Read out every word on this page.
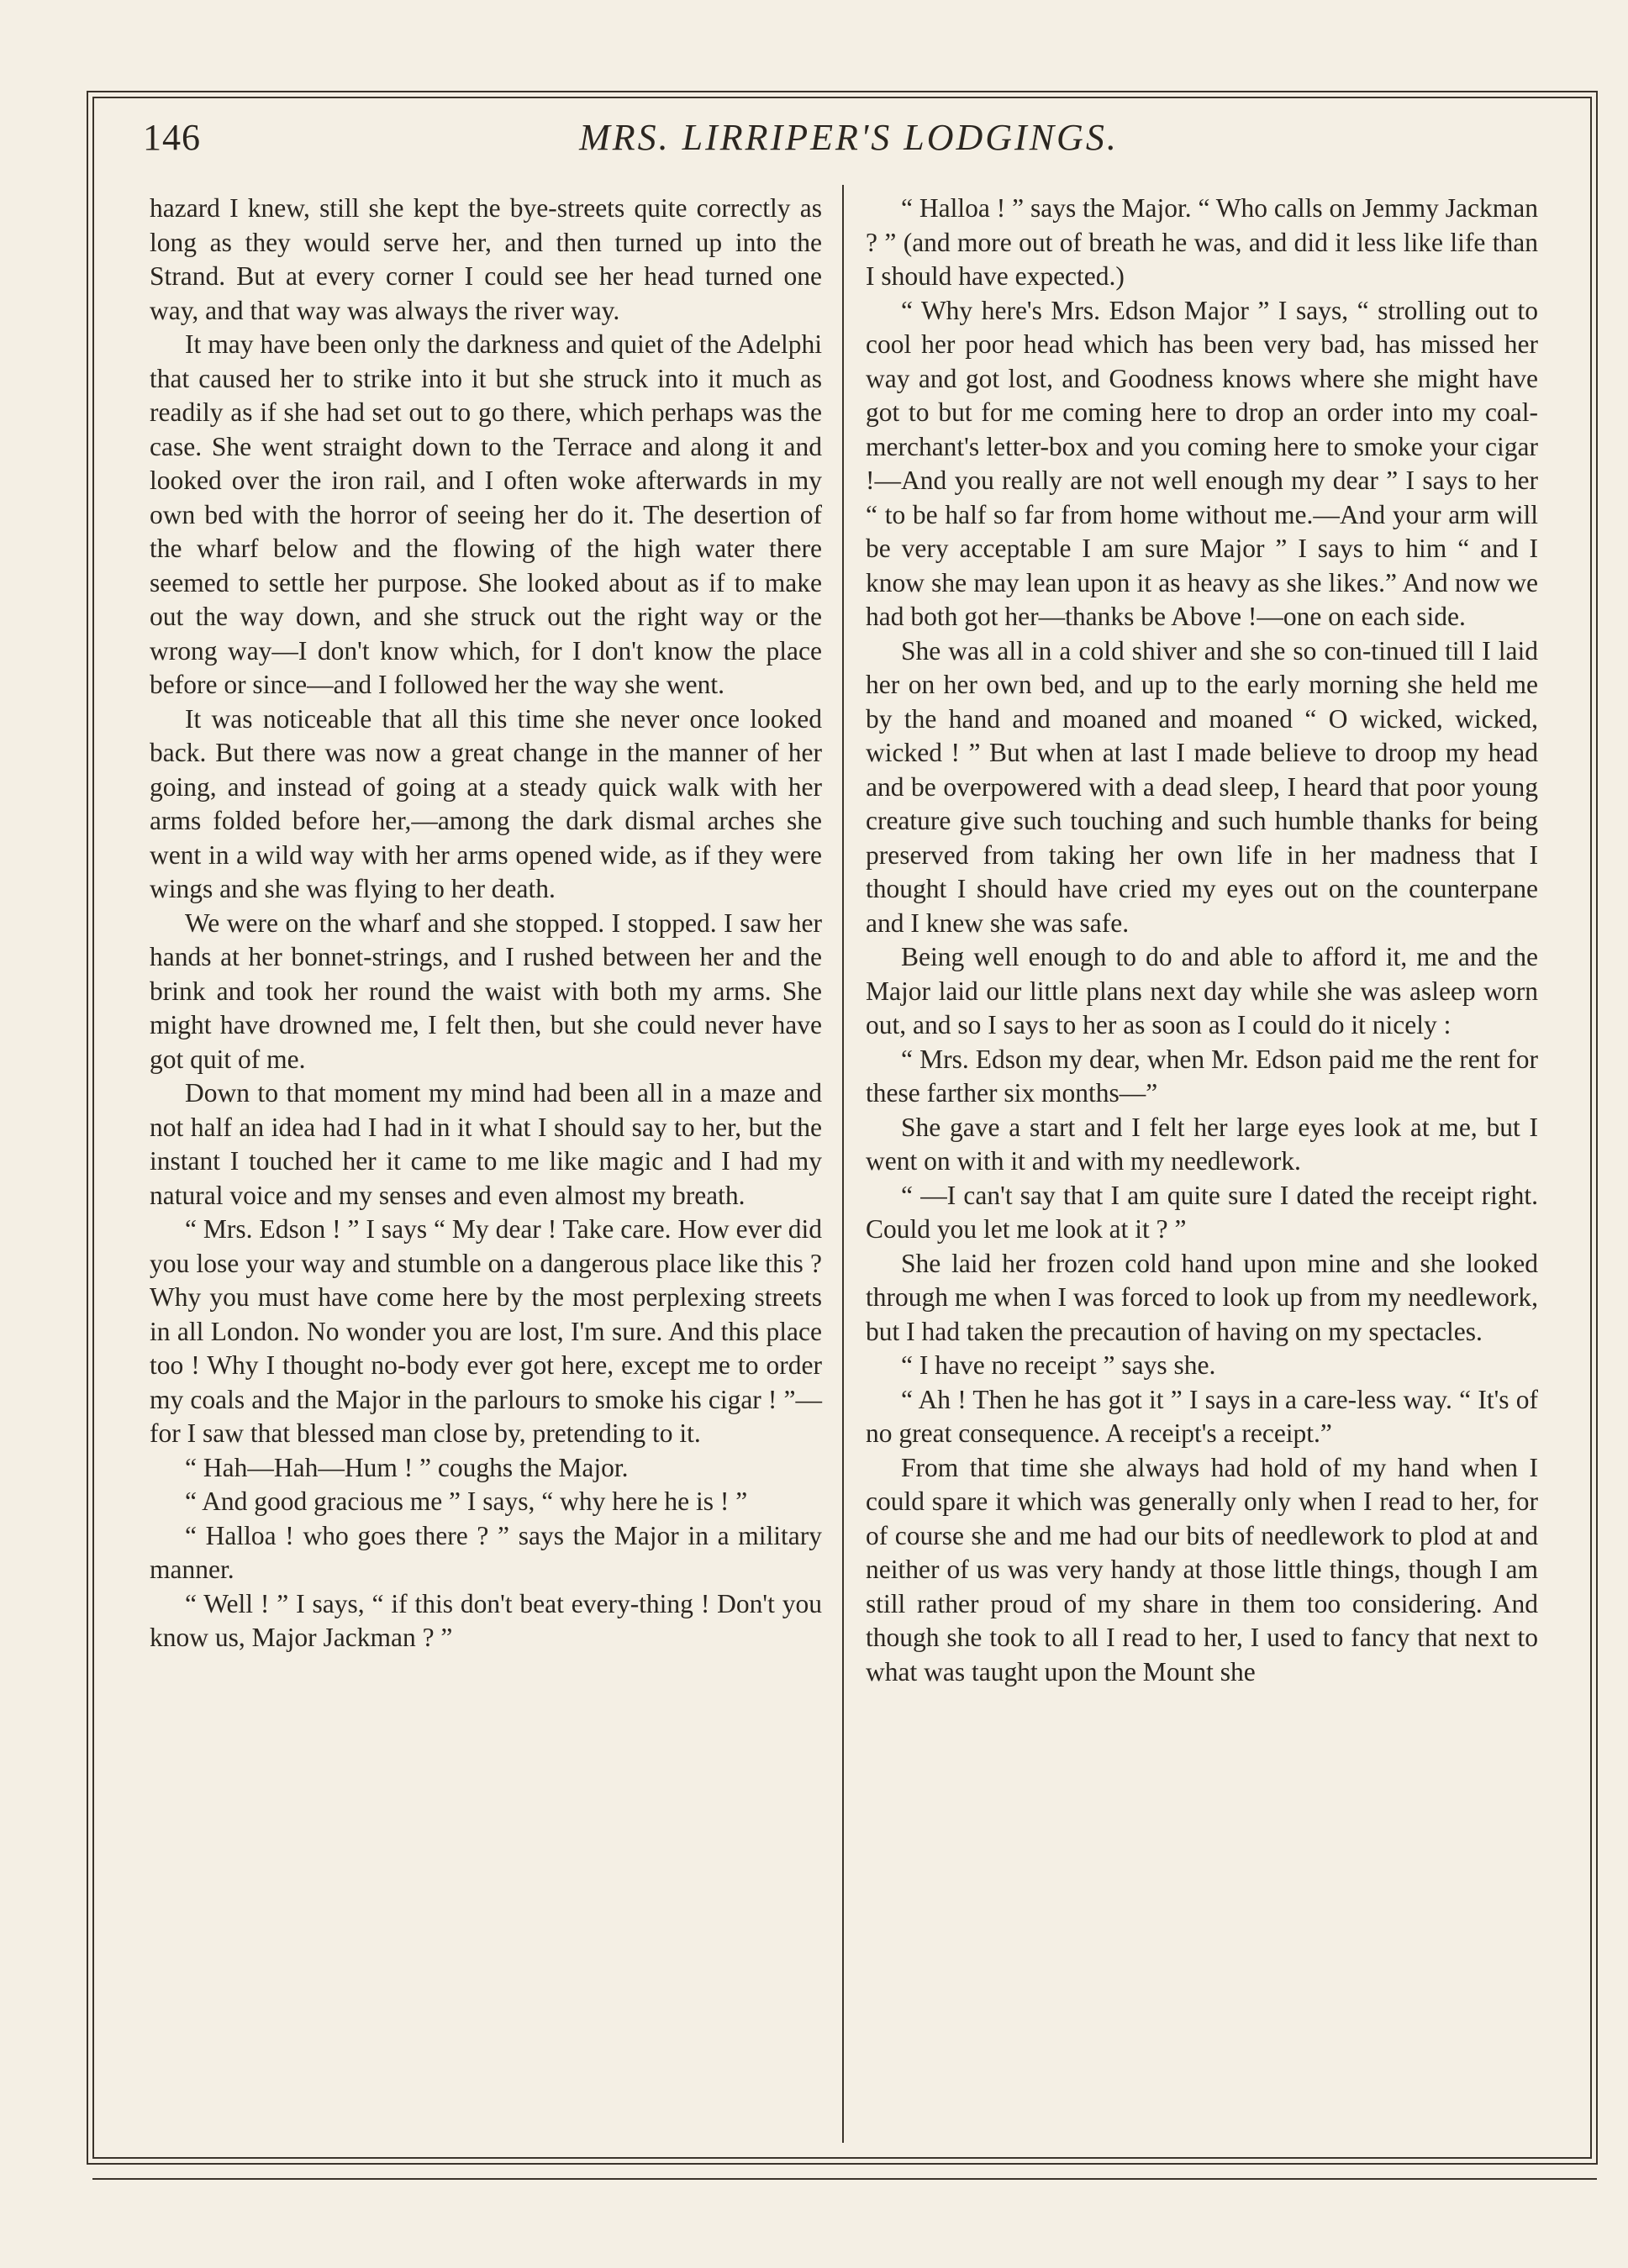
146	MRS. LIRRIPER'S LODGINGS.

hazard I knew, still she kept the bye-streets quite correctly as long as they would serve her, and then turned up into the Strand. But at every corner I could see her head turned one way, and that way was always the river way.

It may have been only the darkness and quiet of the Adelphi that caused her to strike into it but she struck into it much as readily as if she had set out to go there, which perhaps was the case. She went straight down to the Terrace and along it and looked over the iron rail, and I often woke afterwards in my own bed with the horror of seeing her do it. The desertion of the wharf below and the flowing of the high water there seemed to settle her purpose. She looked about as if to make out the way down, and she struck out the right way or the wrong way—I don't know which, for I don't know the place before or since—and I followed her the way she went.

It was noticeable that all this time she never once looked back. But there was now a great change in the manner of her going, and instead of going at a steady quick walk with her arms folded before her,—among the dark dismal arches she went in a wild way with her arms opened wide, as if they were wings and she was flying to her death.

We were on the wharf and she stopped. I stopped. I saw her hands at her bonnet-strings, and I rushed between her and the brink and took her round the waist with both my arms. She might have drowned me, I felt then, but she could never have got quit of me.

Down to that moment my mind had been all in a maze and not half an idea had I had in it what I should say to her, but the instant I touched her it came to me like magic and I had my natural voice and my senses and even almost my breath.

“ Mrs. Edson ! ” I says “ My dear ! Take care. How ever did you lose your way and stumble on a dangerous place like this ? Why you must have come here by the most perplexing streets in all London. No wonder you are lost, I'm sure. And this place too ! Why I thought no-body ever got here, except me to order my coals and the Major in the parlours to smoke his cigar ! ”—for I saw that blessed man close by, pretending to it.

“ Hah—Hah—Hum ! ” coughs the Major.

“ And good gracious me ” I says, “ why here he is ! ”

“ Halloa ! who goes there ? ” says the Major in a military manner.

“ Well ! ” I says, “ if this don't beat every-thing ! Don't you know us, Major Jackman ? ”

“ Halloa ! ” says the Major. “ Who calls on Jemmy Jackman ? ” (and more out of breath he was, and did it less like life than I should have expected.)

“ Why here's Mrs. Edson Major ” I says, “ strolling out to cool her poor head which has been very bad, has missed her way and got lost, and Goodness knows where she might have got to but for me coming here to drop an order into my coal-merchant's letter-box and you coming here to smoke your cigar !—And you really are not well enough my dear ” I says to her “ to be half so far from home without me.—And your arm will be very acceptable I am sure Major ” I says to him “ and I know she may lean upon it as heavy as she likes.” And now we had both got her—thanks be Above !—one on each side.

She was all in a cold shiver and she so con-tinued till I laid her on her own bed, and up to the early morning she held me by the hand and moaned and moaned “ O wicked, wicked, wicked ! ” But when at last I made believe to droop my head and be overpowered with a dead sleep, I heard that poor young creature give such touching and such humble thanks for being preserved from taking her own life in her madness that I thought I should have cried my eyes out on the counterpane and I knew she was safe.

Being well enough to do and able to afford it, me and the Major laid our little plans next day while she was asleep worn out, and so I says to her as soon as I could do it nicely :

“ Mrs. Edson my dear, when Mr. Edson paid me the rent for these farther six months—”

She gave a start and I felt her large eyes look at me, but I went on with it and with my needlework.

“ —I can't say that I am quite sure I dated the receipt right. Could you let me look at it ? ”

She laid her frozen cold hand upon mine and she looked through me when I was forced to look up from my needlework, but I had taken the precaution of having on my spectacles.

“ I have no receipt ” says she.

“ Ah ! Then he has got it ” I says in a care-less way. “ It's of no great consequence. A receipt's a receipt.”

From that time she always had hold of my hand when I could spare it which was generally only when I read to her, for of course she and me had our bits of needlework to plod at and neither of us was very handy at those little things, though I am still rather proud of my share in them too considering. And though she took to all I read to her, I used to fancy that next to what was taught upon the Mount she
